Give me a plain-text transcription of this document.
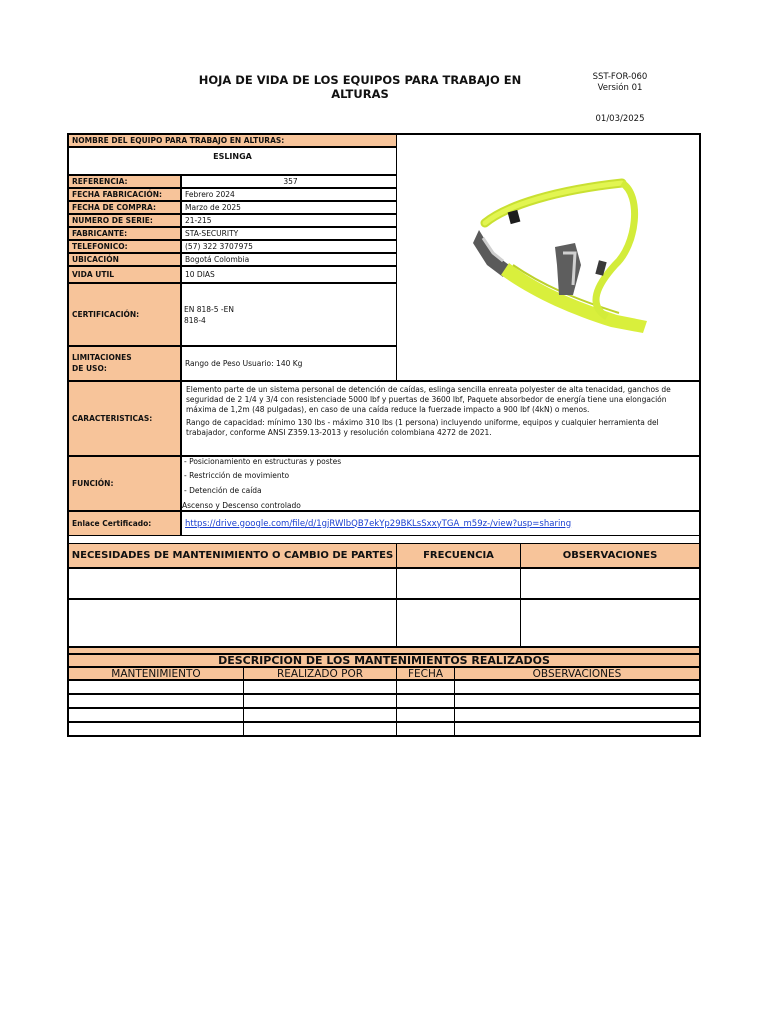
HOJA DE VIDA DE LOS EQUIPOS PARA TRABAJO EN ALTURAS
SST-FOR-060
Versión 01
01/03/2025
NOMBRE DEL EQUIPO PARA TRABAJO EN ALTURAS:
ESLINGA
REFERENCIA:	357
FECHA FABRICACIÓN:	Febrero 2024
FECHA DE COMPRA:	Marzo de 2025
NUMERO DE SERIE:	21-215
FABRICANTE:	STA-SECURITY
TELEFONICO:	(57) 322 3707975
UBICACIÓN	Bogotá Colombia
VIDA UTIL	10 DIAS
CERTIFICACIÓN:
EN 818-5 -EN
818-4
LIMITACIONES
DE USO:
Rango de Peso Usuario: 140 Kg
CARACTERISTICAS:
Elemento parte de un sistema personal de detención de caídas, eslinga sencilla enreata polyester de alta tenacidad, ganchos de seguridad de 2 1/4 y 3/4 con resistenciade 5000 lbf y puertas de 3600 lbf, Paquete absorbedor de energía tiene una elongación máxima de 1,2m (48 pulgadas), en caso de una caída reduce la fuerzade impacto a 900 lbf (4kN) o menos.
Rango de capacidad: mínimo 130 lbs - máximo 310 lbs (1 persona) incluyendo uniforme, equipos y cualquier herramienta del trabajador, conforme ANSI Z359.13-2013 y resolución colombiana 4272 de 2021.
FUNCIÓN:
- Posicionamiento en estructuras y postes
- Restricción de movimiento
- Detención de caída
Ascenso y Descenso controlado
Enlace Certificado:	https://drive.google.com/file/d/1gjRWlbQB7ekYp29BKLsSxxyTGA_m59z-/view?usp=sharing
NECESIDADES DE MANTENIMIENTO O CAMBIO DE PARTES	FRECUENCIA	OBSERVACIONES
DESCRIPCION DE LOS MANTENIMIENTOS REALIZADOS
MANTENIMIENTO	REALIZADO POR	FECHA	OBSERVACIONES
